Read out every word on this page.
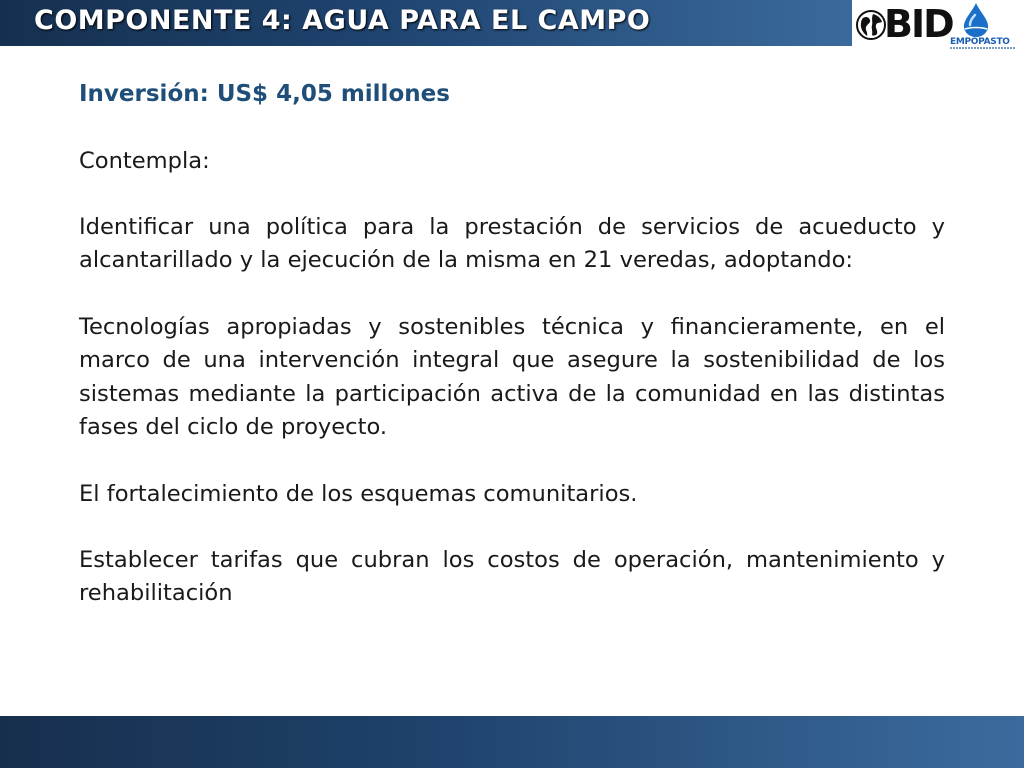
COMPONENTE 4: AGUA PARA EL CAMPO	BID
EMPOPASTO

Inversión: US$ 4,05 millones

Contempla:

Identificar una política para la prestación de servicios de acueducto y alcantarillado y la ejecución de la misma en 21 veredas, adoptando:

Tecnologías apropiadas y sostenibles técnica y financieramente, en el marco de una intervención integral que asegure la sostenibilidad de los sistemas mediante la participación activa de la comunidad en las distintas fases del ciclo de proyecto.

El fortalecimiento de los esquemas comunitarios.

Establecer tarifas que cubran los costos de operación, mantenimiento y rehabilitación
